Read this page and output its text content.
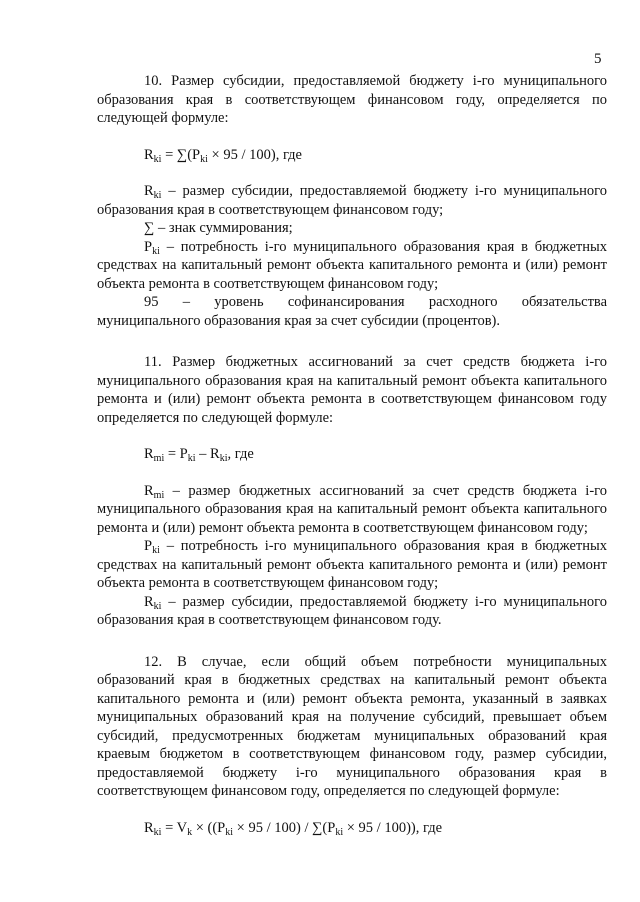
5

10. Размер субсидии, предоставляемой бюджету i-го муниципального образования края в соответствующем финансовом году, определяется по следующей формуле:

$R_{ki} = \sum(P_{ki} \times 95 / 100)$, где

$R_{ki}$ – размер субсидии, предоставляемой бюджету i-го муниципального образования края в соответствующем финансовом году;

∑ – знак суммирования;

$P_{ki}$ – потребность i-го муниципального образования края в бюджетных средствах на капитальный ремонт объекта капитального ремонта и (или) ремонт объекта ремонта в соответствующем финансовом году;

95 – уровень софинансирования расходного обязательства муниципального образования края за счет субсидии (процентов).

11. Размер бюджетных ассигнований за счет средств бюджета i-го муниципального образования края на капитальный ремонт объекта капитального ремонта и (или) ремонт объекта ремонта в соответствующем финансовом году определяется по следующей формуле:

$R_{mi} = P_{ki} - R_{ki}$, где

$R_{mi}$ – размер бюджетных ассигнований за счет средств бюджета i-го муниципального образования края на капитальный ремонт объекта капитального ремонта и (или) ремонт объекта ремонта в соответствующем финансовом году;

$P_{ki}$ – потребность i-го муниципального образования края в бюджетных средствах на капитальный ремонт объекта капитального ремонта и (или) ремонт объекта ремонта в соответствующем финансовом году;

$R_{ki}$ – размер субсидии, предоставляемой бюджету i-го муниципального образования края в соответствующем финансовом году.

12. В случае, если общий объем потребности муниципальных образований края в бюджетных средствах на капитальный ремонт объекта капитального ремонта и (или) ремонт объекта ремонта, указанный в заявках муниципальных образований края на получение субсидий, превышает объем субсидий, предусмотренных бюджетам муниципальных образований края краевым бюджетом в соответствующем финансовом году, размер субсидии, предоставляемой бюджету i-го муниципального образования края в соответствующем финансовом году, определяется по следующей формуле:

$R_{ki} = V_k \times ((P_{ki} \times 95 / 100) / \sum(P_{ki} \times 95 / 100))$, где
